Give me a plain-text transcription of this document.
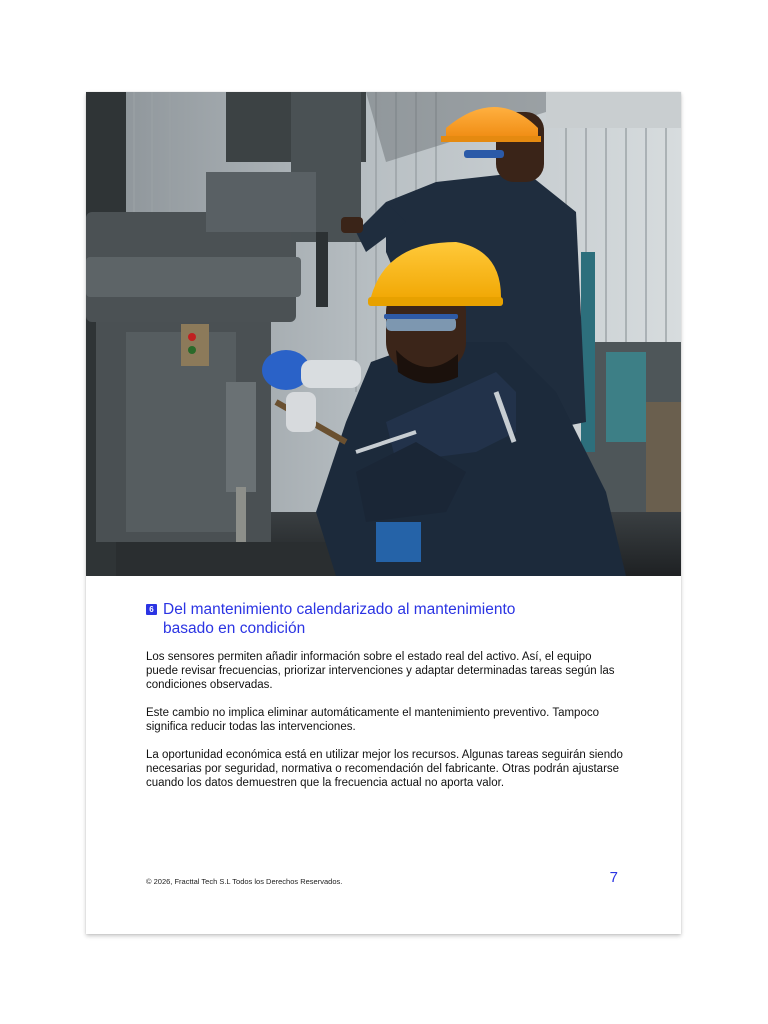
6 Del mantenimiento calendarizado al mantenimiento
basado en condición

Los sensores permiten añadir información sobre el estado real del activo. Así, el equipo puede revisar frecuencias, priorizar intervenciones y adaptar determinadas tareas según las condiciones observadas.

Este cambio no implica eliminar automáticamente el mantenimiento preventivo. Tampoco significa reducir todas las intervenciones.

La oportunidad económica está en utilizar mejor los recursos. Algunas tareas seguirán siendo necesarias por seguridad, normativa o recomendación del fabricante. Otras podrán ajustarse cuando los datos demuestren que la frecuencia actual no aporta valor.

© 2026, Fracttal Tech S.L Todos los Derechos Reservados.	7
